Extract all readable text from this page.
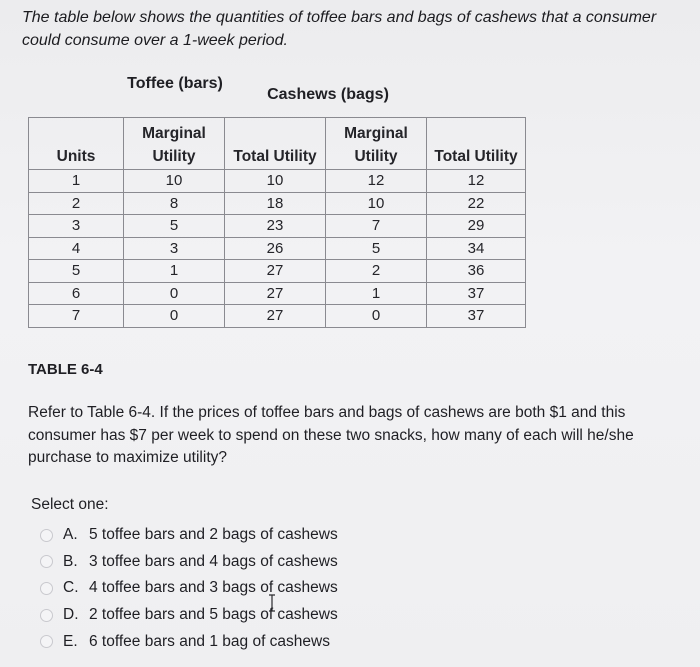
The table below shows the quantities of toffee bars and bags of cashews that a consumer could consume over a 1-week period.
Toffee (bars)
Cashews (bags)
Units	Marginal Utility	Total Utility	Marginal Utility	Total Utility
1	10	10	12	12
2	8	18	10	22
3	5	23	7	29
4	3	26	5	34
5	1	27	2	36
6	0	27	1	37
7	0	27	0	37
TABLE 6-4
Refer to Table 6-4. If the prices of toffee bars and bags of cashews are both $1 and this consumer has $7 per week to spend on these two snacks, how many of each will he/she purchase to maximize utility?
Select one:
A. 5 toffee bars and 2 bags of cashews
B. 3 toffee bars and 4 bags of cashews
C. 4 toffee bars and 3 bags of cashews
D. 2 toffee bars and 5 bags of cashews
E. 6 toffee bars and 1 bag of cashews
